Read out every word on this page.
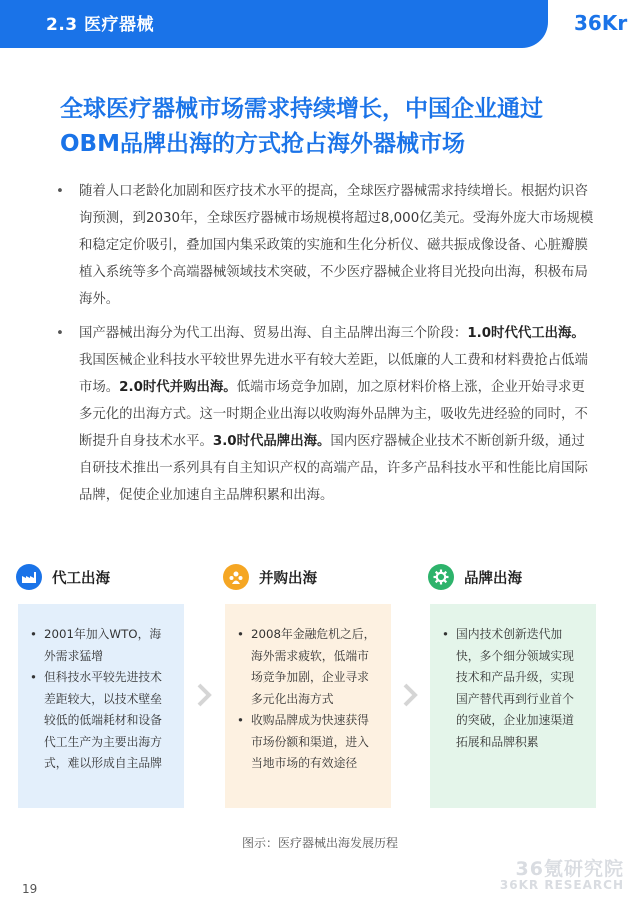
2.3 医疗器械	36Kr
全球医疗器械市场需求持续增长，中国企业通过OBM品牌出海的方式抢占海外器械市场
• 随着人口老龄化加剧和医疗技术水平的提高，全球医疗器械需求持续增长。根据灼识咨询预测，到2030年，全球医疗器械市场规模将超过8,000亿美元。受海外庞大市场规模和稳定定价吸引，叠加国内集采政策的实施和生化分析仪、磁共振成像设备、心脏瓣膜植入系统等多个高端器械领域技术突破，不少医疗器械企业将目光投向出海，积极布局海外。
• 国产器械出海分为代工出海、贸易出海、自主品牌出海三个阶段：1.0时代代工出海。我国医械企业科技水平较世界先进水平有较大差距，以低廉的人工费和材料费抢占低端市场。2.0时代并购出海。低端市场竞争加剧，加之原材料价格上涨，企业开始寻求更多元化的出海方式。这一时期企业出海以收购海外品牌为主，吸收先进经验的同时，不断提升自身技术水平。3.0时代品牌出海。国内医疗器械企业技术不断创新升级，通过自研技术推出一系列具有自主知识产权的高端产品，许多产品科技水平和性能比肩国际品牌，促使企业加速自主品牌积累和出海。
代工出海
• 2001年加入WTO，海外需求猛增
• 但科技水平较先进技术差距较大，以技术壁垒较低的低端耗材和设备代工生产为主要出海方式，难以形成自主品牌
并购出海
• 2008年金融危机之后，海外需求疲软，低端市场竞争加剧，企业寻求多元化出海方式
• 收购品牌成为快速获得市场份额和渠道，进入当地市场的有效途径
品牌出海
• 国内技术创新迭代加快，多个细分领域实现技术和产品升级，实现国产替代再到行业首个的突破，企业加速渠道拓展和品牌积累
图示：医疗器械出海发展历程
19
36氪研究院
36KR RESEARCH
